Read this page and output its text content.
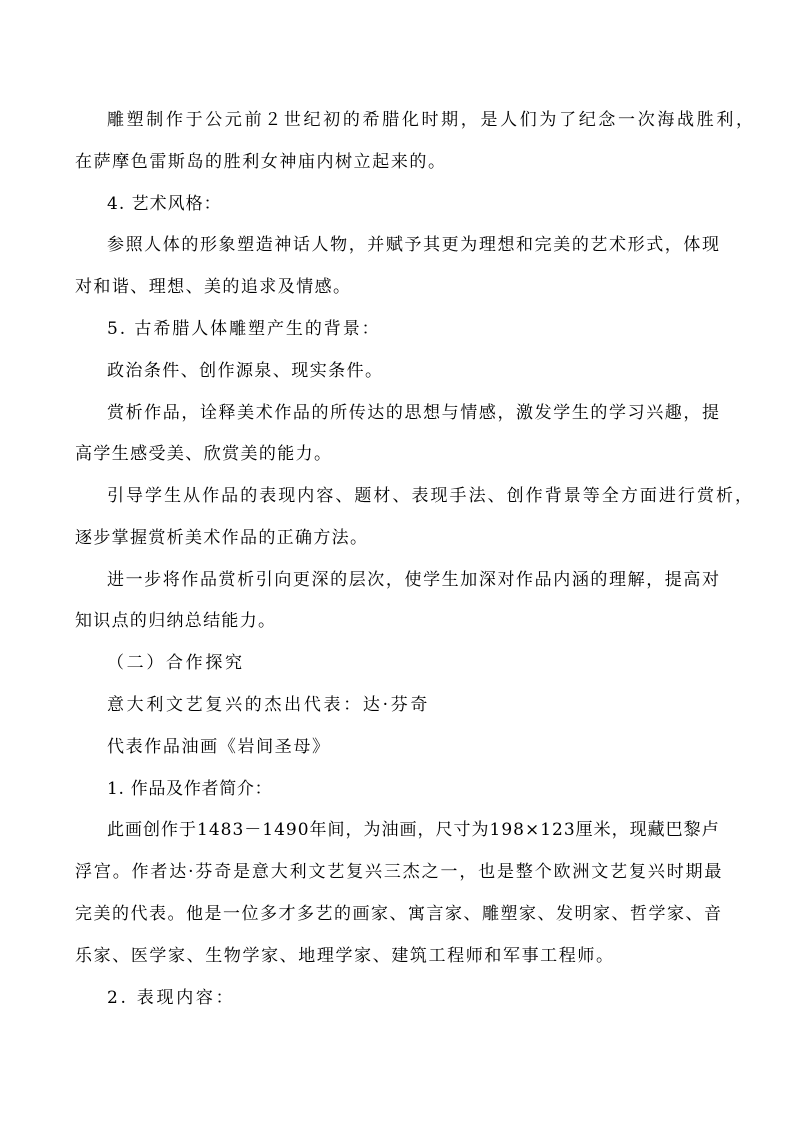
雕塑制作于公元前２世纪初的希腊化时期，是人们为了纪念一次海战胜利，
在萨摩色雷斯岛的胜利女神庙内树立起来的。
4. 艺术风格：
参照人体的形象塑造神话人物，并赋予其更为理想和完美的艺术形式，体现
对和谐、理想、美的追求及情感。
5. 古希腊人体雕塑产生的背景：
政治条件、创作源泉、现实条件。
赏析作品，诠释美术作品的所传达的思想与情感，激发学生的学习兴趣，提
高学生感受美、欣赏美的能力。
引导学生从作品的表现内容、题材、表现手法、创作背景等全方面进行赏析，
逐步掌握赏析美术作品的正确方法。
进一步将作品赏析引向更深的层次，使学生加深对作品内涵的理解，提高对
知识点的归纳总结能力。
（二）合作探究
意大利文艺复兴的杰出代表：达·芬奇
代表作品油画《岩间圣母》
1. 作品及作者简介：
此画创作于1483－1490年间，为油画，尺寸为198×123厘米，现藏巴黎卢
浮宫。作者达·芬奇是意大利文艺复兴三杰之一，也是整个欧洲文艺复兴时期最
完美的代表。他是一位多才多艺的画家、寓言家、雕塑家、发明家、哲学家、音
乐家、医学家、生物学家、地理学家、建筑工程师和军事工程师。
2. 表现内容：
